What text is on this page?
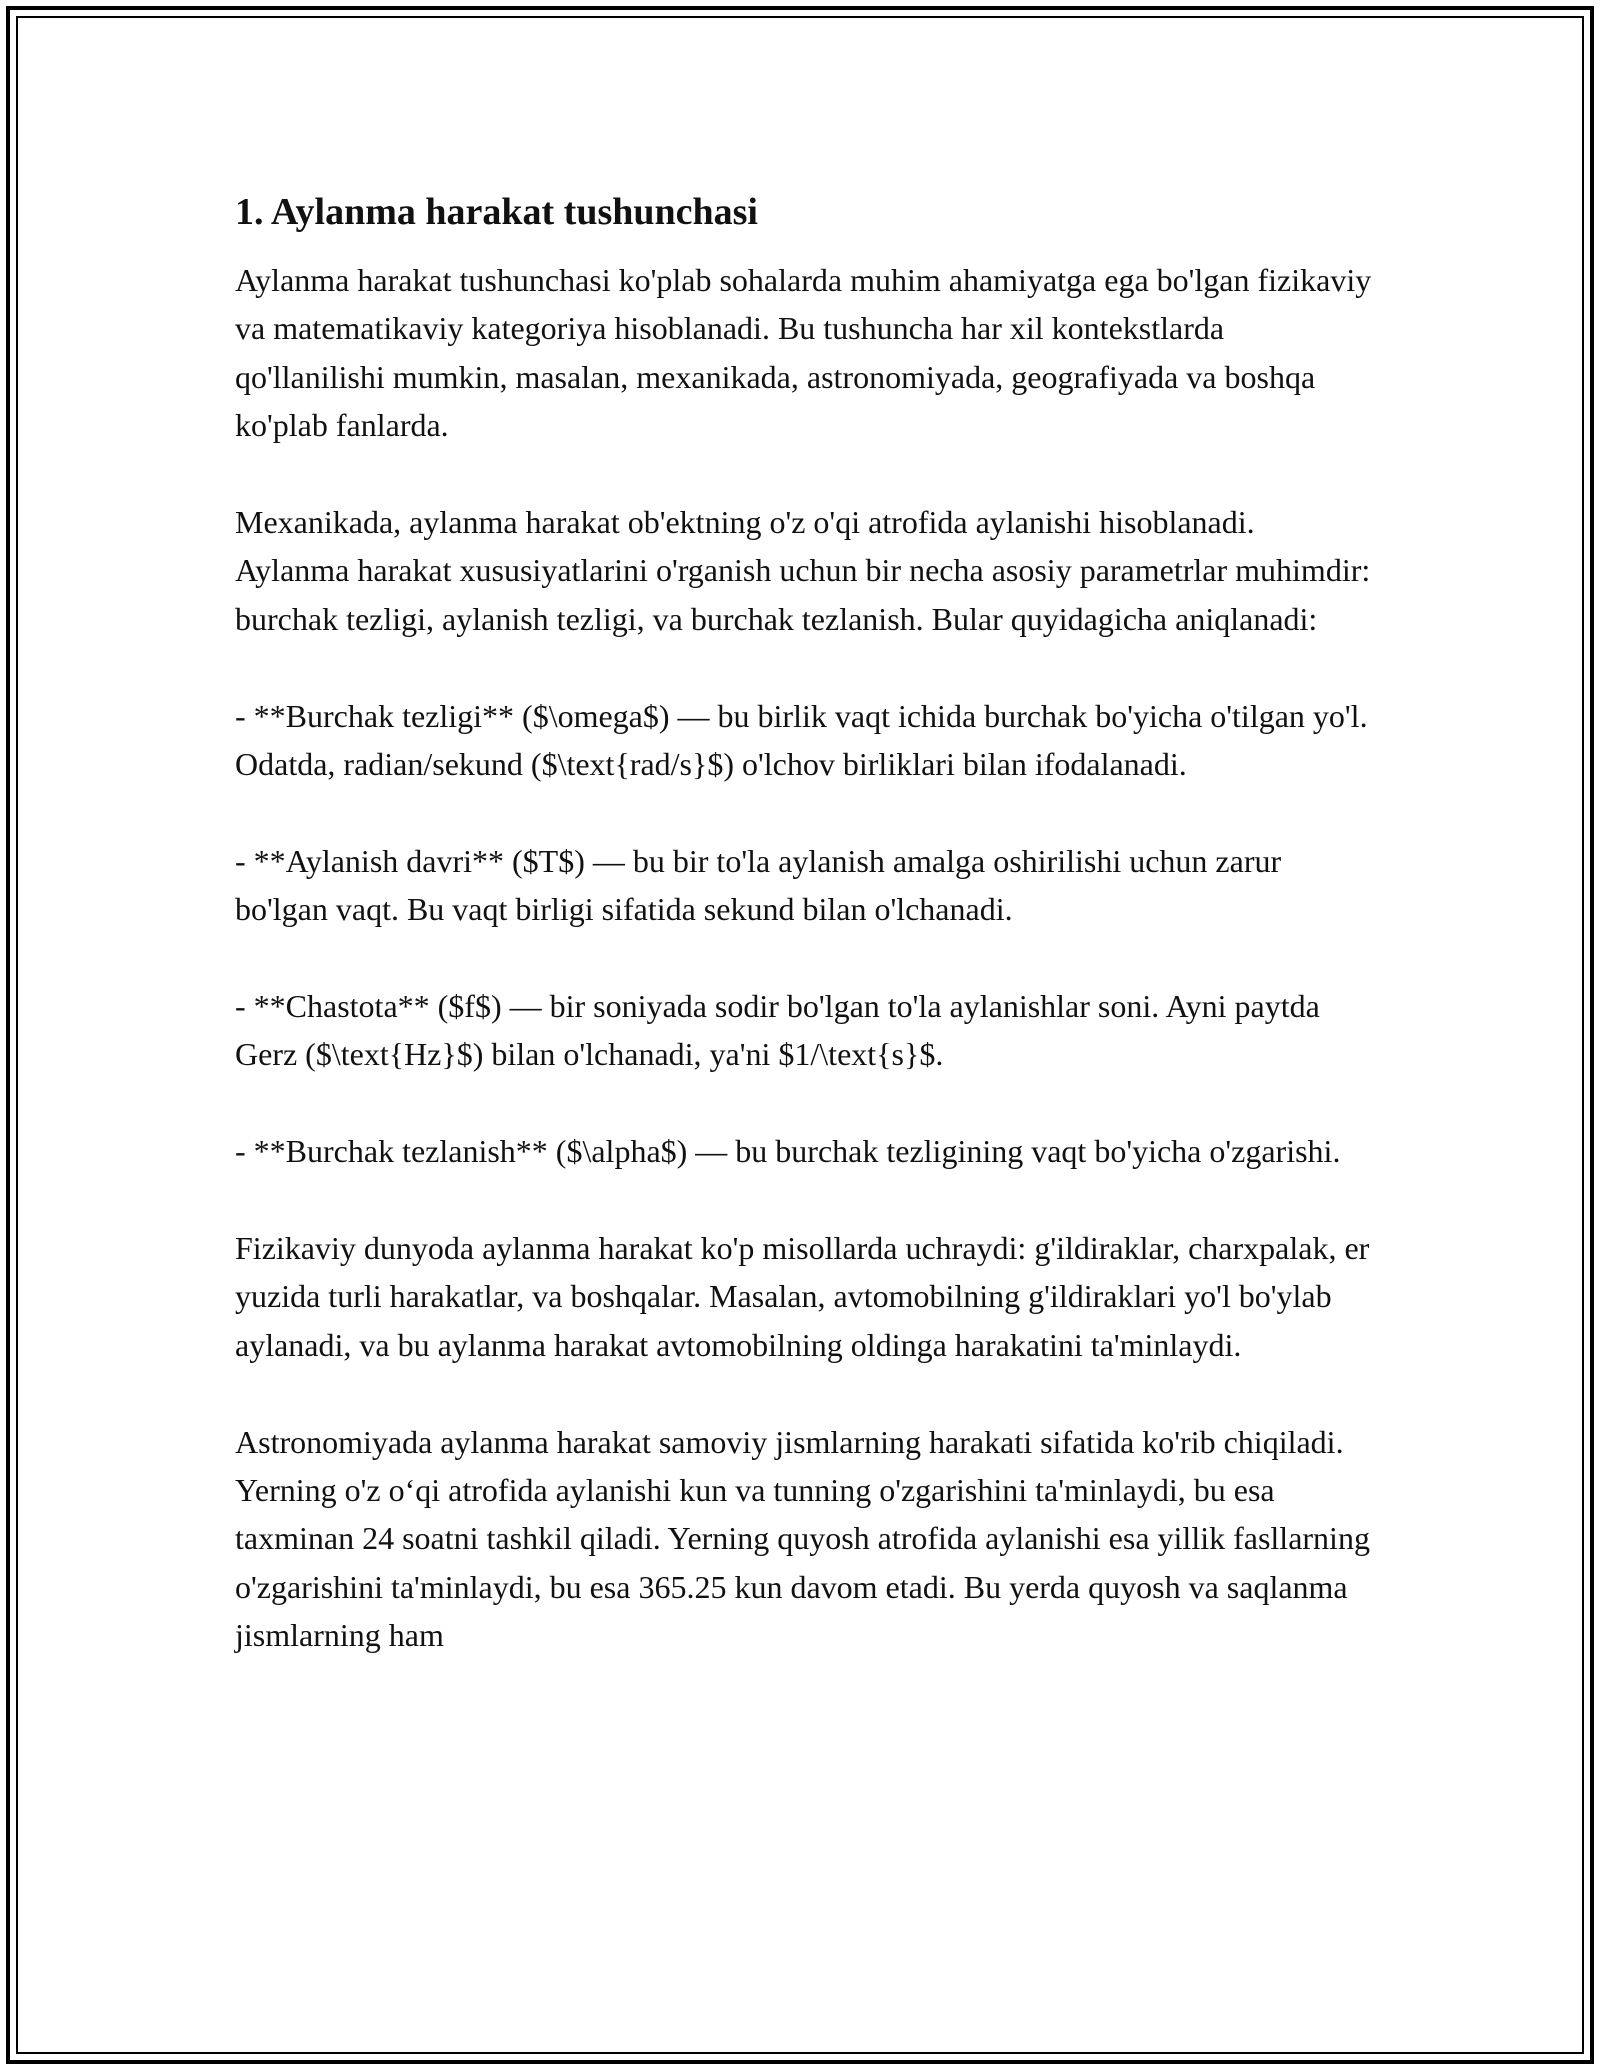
1. Aylanma harakat tushunchasi

Aylanma harakat tushunchasi ko'plab sohalarda muhim ahamiyatga ega bo'lgan fizikaviy va matematikaviy kategoriya hisoblanadi. Bu tushuncha har xil kontekstlarda qo'llanilishi mumkin, masalan, mexanikada, astronomiyada, geografiyada va boshqa ko'plab fanlarda.

Mexanikada, aylanma harakat ob'ektning o'z o'qi atrofida aylanishi hisoblanadi. Aylanma harakat xususiyatlarini o'rganish uchun bir necha asosiy parametrlar muhimdir: burchak tezligi, aylanish tezligi, va burchak tezlanish. Bular quyidagicha aniqlanadi:

- **Burchak tezligi** ($\omega$) — bu birlik vaqt ichida burchak bo'yicha o'tilgan yo'l. Odatda, radian/sekund ($\text{rad/s}$) o'lchov birliklari bilan ifodalanadi.

- **Aylanish davri** ($T$) — bu bir to'la aylanish amalga oshirilishi uchun zarur bo'lgan vaqt. Bu vaqt birligi sifatida sekund bilan o'lchanadi.

- **Chastota** ($f$) — bir soniyada sodir bo'lgan to'la aylanishlar soni. Ayni paytda Gerz ($\text{Hz}$) bilan o'lchanadi, ya'ni $1/\text{s}$.

- **Burchak tezlanish** ($\alpha$) — bu burchak tezligining vaqt bo'yicha o'zgarishi.

Fizikaviy dunyoda aylanma harakat ko'p misollarda uchraydi: g'ildiraklar, charxpalak, er yuzida turli harakatlar, va boshqalar. Masalan, avtomobilning g'ildiraklari yo'l bo'ylab aylanadi, va bu aylanma harakat avtomobilning oldinga harakatini ta'minlaydi.

Astronomiyada aylanma harakat samoviy jismlarning harakati sifatida ko'rib chiqiladi. Yerning o'z o‘qi atrofida aylanishi kun va tunning o'zgarishini ta'minlaydi, bu esa taxminan 24 soatni tashkil qiladi. Yerning quyosh atrofida aylanishi esa yillik fasllarning o'zgarishini ta'minlaydi, bu esa 365.25 kun davom etadi. Bu yerda quyosh va saqlanma jismlarning ham
